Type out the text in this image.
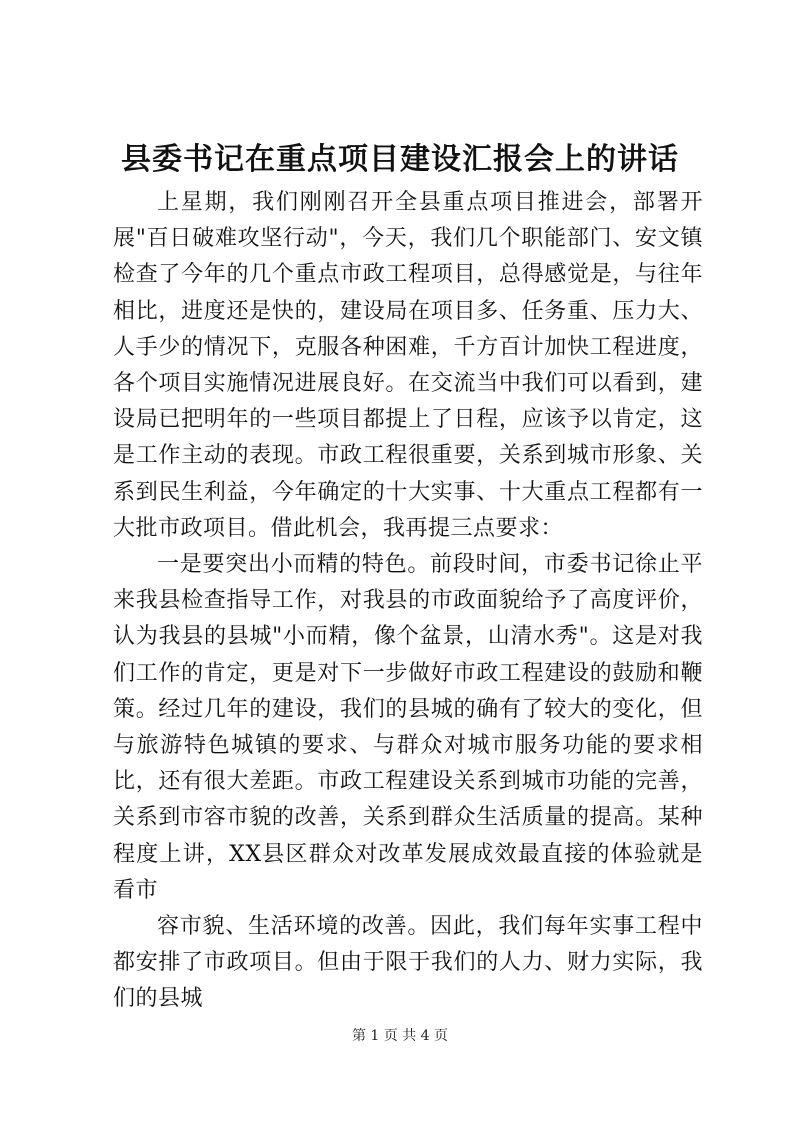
县委书记在重点项目建设汇报会上的讲话

上星期，我们刚刚召开全县重点项目推进会，部署开展"百日破难攻坚行动"，今天，我们几个职能部门、安文镇检查了今年的几个重点市政工程项目，总得感觉是，与往年相比，进度还是快的，建设局在项目多、任务重、压力大、人手少的情况下，克服各种困难，千方百计加快工程进度，各个项目实施情况进展良好。在交流当中我们可以看到，建设局已把明年的一些项目都提上了日程，应该予以肯定，这是工作主动的表现。市政工程很重要，关系到城市形象、关系到民生利益，今年确定的十大实事、十大重点工程都有一大批市政项目。借此机会，我再提三点要求：

一是要突出小而精的特色。前段时间，市委书记徐止平来我县检查指导工作，对我县的市政面貌给予了高度评价，认为我县的县城"小而精，像个盆景，山清水秀"。这是对我们工作的肯定，更是对下一步做好市政工程建设的鼓励和鞭策。经过几年的建设，我们的县城的确有了较大的变化，但与旅游特色城镇的要求、与群众对城市服务功能的要求相比，还有很大差距。市政工程建设关系到城市功能的完善，关系到市容市貌的改善，关系到群众生活质量的提高。某种程度上讲，XX县区群众对改革发展成效最直接的体验就是看市

容市貌、生活环境的改善。因此，我们每年实事工程中都安排了市政项目。但由于限于我们的人力、财力实际，我们的县城

第 1 页 共 4 页
